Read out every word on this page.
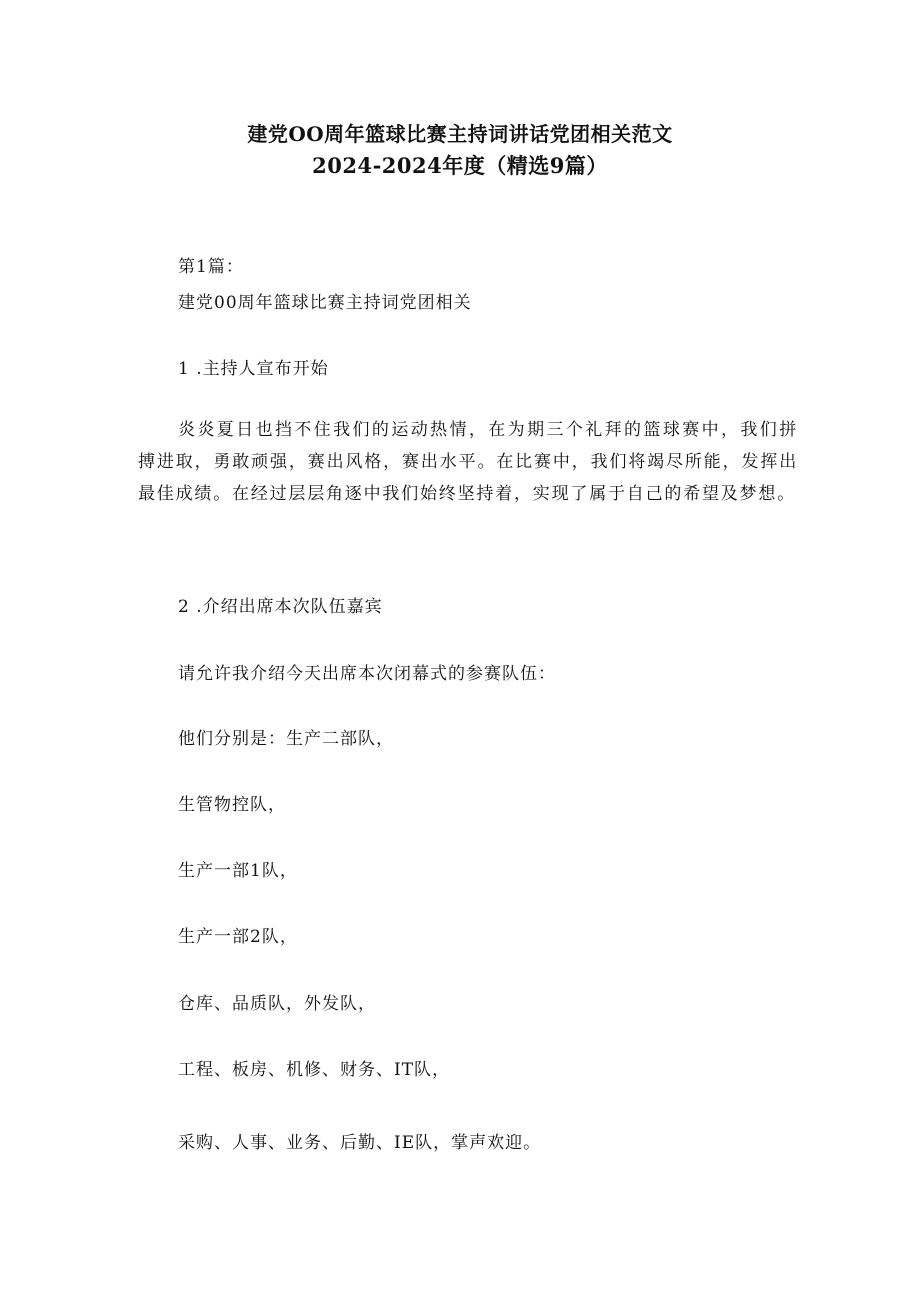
建党OO周年篮球比赛主持词讲话党团相关范文
2024-2024年度（精选9篇）
第1篇：
建党00周年篮球比赛主持词党团相关
1 .主持人宣布开始
炎炎夏日也挡不住我们的运动热情，在为期三个礼拜的篮球赛中，我们拼搏进取，勇敢顽强，赛出风格，赛出水平。在比赛中，我们将竭尽所能，发挥出最佳成绩。在经过层层角逐中我们始终坚持着，实现了属于自己的希望及梦想。
2 .介绍出席本次队伍嘉宾
请允许我介绍今天出席本次闭幕式的参赛队伍：
他们分别是：生产二部队，
生管物控队，
生产一部1队，
生产一部2队，
仓库、品质队，外发队，
工程、板房、机修、财务、IT队，
采购、人事、业务、后勤、IE队，掌声欢迎。
